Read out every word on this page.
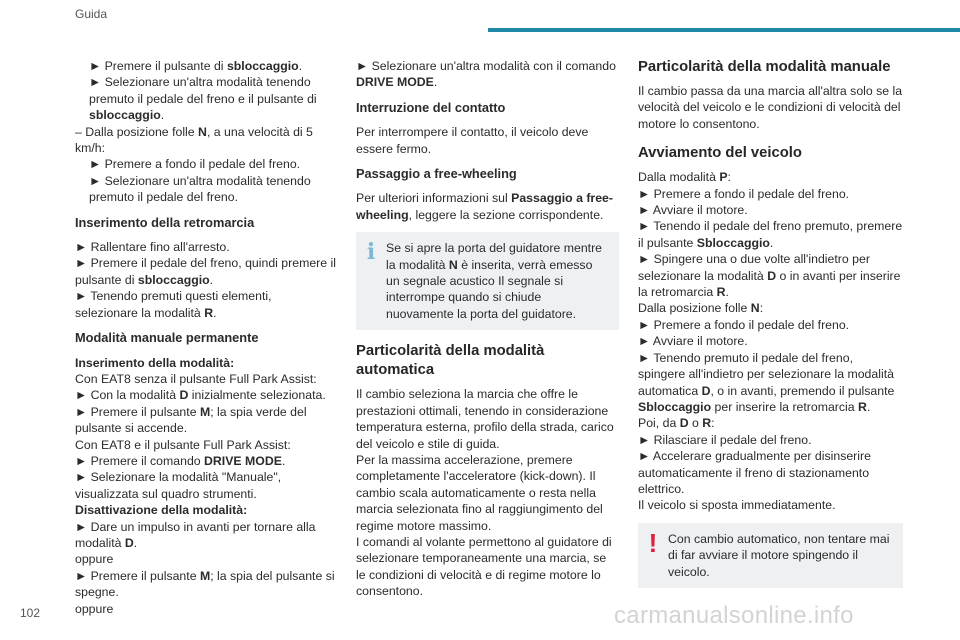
Guida

► Premere il pulsante di sbloccaggio.

► Selezionare un'altra modalità tenendo premuto il pedale del freno e il pulsante di sbloccaggio.

– Dalla posizione folle N, a una velocità di 5 km/h:

► Premere a fondo il pedale del freno.

► Selezionare un'altra modalità tenendo premuto il pedale del freno.

Inserimento della retromarcia

► Rallentare fino all'arresto.

► Premere il pedale del freno, quindi premere il pulsante di sbloccaggio.

► Tenendo premuti questi elementi, selezionare la modalità R.

Modalità manuale permanente

Inserimento della modalità:

Con EAT8 senza il pulsante Full Park Assist:

► Con la modalità D inizialmente selezionata.

► Premere il pulsante M; la spia verde del pulsante si accende.

Con EAT8 e il pulsante Full Park Assist:

► Premere il comando DRIVE MODE.

► Selezionare la modalità "Manuale", visualizzata sul quadro strumenti.

Disattivazione della modalità:

► Dare un impulso in avanti per tornare alla modalità D.

oppure

► Premere il pulsante M; la spia del pulsante si spegne.

oppure

► Selezionare un'altra modalità con il comando DRIVE MODE.

Interruzione del contatto

Per interrompere il contatto, il veicolo deve essere fermo.

Passaggio a free-wheeling

Per ulteriori informazioni sul Passaggio a free-wheeling, leggere la sezione corrispondente.

i Se si apre la porta del guidatore mentre la modalità N è inserita, verrà emesso un segnale acustico Il segnale si interrompe quando si chiude nuovamente la porta del guidatore.

Particolarità della modalità automatica

Il cambio seleziona la marcia che offre le prestazioni ottimali, tenendo in considerazione temperatura esterna, profilo della strada, carico del veicolo e stile di guida.

Per la massima accelerazione, premere completamente l'acceleratore (kick-down). Il cambio scala automaticamente o resta nella marcia selezionata fino al raggiungimento del regime motore massimo.

I comandi al volante permettono al guidatore di selezionare temporaneamente una marcia, se le condizioni di velocità e di regime motore lo consentono.

Particolarità della modalità manuale

Il cambio passa da una marcia all'altra solo se la velocità del veicolo e le condizioni di velocità del motore lo consentono.

Avviamento del veicolo

Dalla modalità P:

► Premere a fondo il pedale del freno.

► Avviare il motore.

► Tenendo il pedale del freno premuto, premere il pulsante Sbloccaggio.

► Spingere una o due volte all'indietro per selezionare la modalità D o in avanti per inserire la retromarcia R.

Dalla posizione folle N:

► Premere a fondo il pedale del freno.

► Avviare il motore.

► Tenendo premuto il pedale del freno, spingere all'indietro per selezionare la modalità automatica D, o in avanti, premendo il pulsante Sbloccaggio per inserire la retromarcia R.

Poi, da D o R:

► Rilasciare il pedale del freno.

► Accelerare gradualmente per disinserire automaticamente il freno di stazionamento elettrico.

Il veicolo si sposta immediatamente.

! Con cambio automatico, non tentare mai di far avviare il motore spingendo il veicolo.

102	carmanualsonline.info
